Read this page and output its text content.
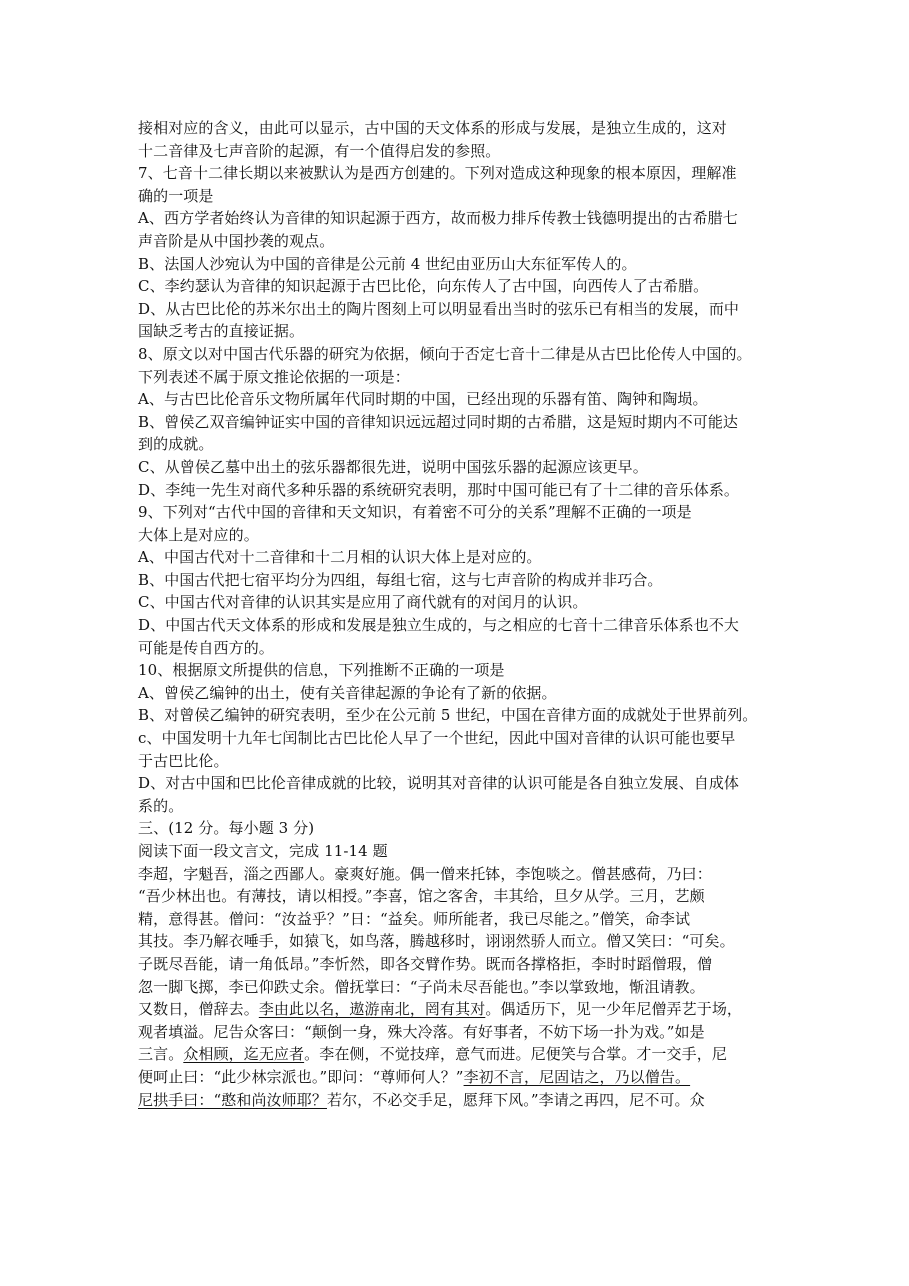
接相对应的含义，由此可以显示，古中国的天文体系的形成与发展，是独立生成的，这对
十二音律及七声音阶的起源，有一个值得启发的参照。
7、七音十二律长期以来被默认为是西方创建的。下列对造成这种现象的根本原因，理解准
确的一项是
A、西方学者始终认为音律的知识起源于西方，故而极力排斥传教士钱德明提出的古希腊七
声音阶是从中国抄袭的观点。
B、法国人沙宛认为中国的音律是公元前 4 世纪由亚历山大东征军传人的。
C、李约瑟认为音律的知识起源于古巴比伦，向东传人了古中国，向西传人了古希腊。
D、从古巴比伦的苏米尔出土的陶片图刻上可以明显看出当时的弦乐已有相当的发展，而中
国缺乏考古的直接证据。
8、原文以对中国古代乐器的研究为依据，倾向于否定七音十二律是从古巴比伦传人中国的。
下列表述不属于原文推论依据的一项是：
A、与古巴比伦音乐文物所属年代同时期的中国，已经出现的乐器有笛、陶钟和陶埙。
B、曾侯乙双音编钟证实中国的音律知识远远超过同时期的古希腊，这是短时期内不可能达
到的成就。
C、从曾侯乙墓中出土的弦乐器都很先进，说明中国弦乐器的起源应该更早。
D、李纯一先生对商代多种乐器的系统研究表明，那时中国可能已有了十二律的音乐体系。
9、下列对“古代中国的音律和天文知识，有着密不可分的关系”理解不正确的一项是
大体上是对应的。
A、中国古代对十二音律和十二月相的认识大体上是对应的。
B、中国古代把七宿平均分为四组，每组七宿，这与七声音阶的构成并非巧合。
C、中国古代对音律的认识其实是应用了商代就有的对闰月的认识。
D、中国古代天文体系的形成和发展是独立生成的，与之相应的七音十二律音乐体系也不大
可能是传自西方的。
10、根据原文所提供的信息，下列推断不正确的一项是
A、曾侯乙编钟的出土，使有关音律起源的争论有了新的依据。
B、对曾侯乙编钟的研究表明，至少在公元前 5 世纪，中国在音律方面的成就处于世界前列。
c、中国发明十九年七闰制比古巴比伦人早了一个世纪，因此中国对音律的认识可能也要早
于古巴比伦。
D、对古中国和巴比伦音律成就的比较，说明其对音律的认识可能是各自独立发展、自成体
系的。
三、(12 分。每小题 3 分)
阅读下面一段文言文，完成 11-14 题
李超，字魁吾，淄之西鄙人。豪爽好施。偶一僧来托钵，李饱啖之。僧甚感荷，乃曰：
“吾少林出也。有薄技，请以相授。”李喜，馆之客舍，丰其给，旦夕从学。三月，艺颇
精，意得甚。僧问：“汝益乎？”日：“益矣。师所能者，我已尽能之。”僧笑，命李试
其技。李乃解衣唾手，如猿飞，如鸟落，腾越移时，诩诩然骄人而立。僧又笑曰：“可矣。
子既尽吾能，请一角低昂。”李忻然，即各交臂作势。既而各撑格拒，李时时蹈僧瑕，僧
忽一脚飞掷，李已仰跌丈余。僧抚掌曰：“子尚未尽吾能也。”李以掌致地，惭沮请教。
又数日，僧辞去。李由此以名，遨游南北，罔有其对。偶适历下，见一少年尼僧弄艺于场，
观者填溢。尼告众客曰：“颠倒一身，殊大冷落。有好事者，不妨下场一扑为戏。”如是
三言。众相顾，迄无应者。李在侧，不觉技痒，意气而进。尼便笑与合掌。才一交手，尼
便呵止曰：“此少林宗派也。”即问：“尊师何人？”李初不言，尼固诘之，乃以僧告。
尼拱手曰：“憨和尚汝师耶？若尔，不必交手足，愿拜下风。”李请之再四，尼不可。众
